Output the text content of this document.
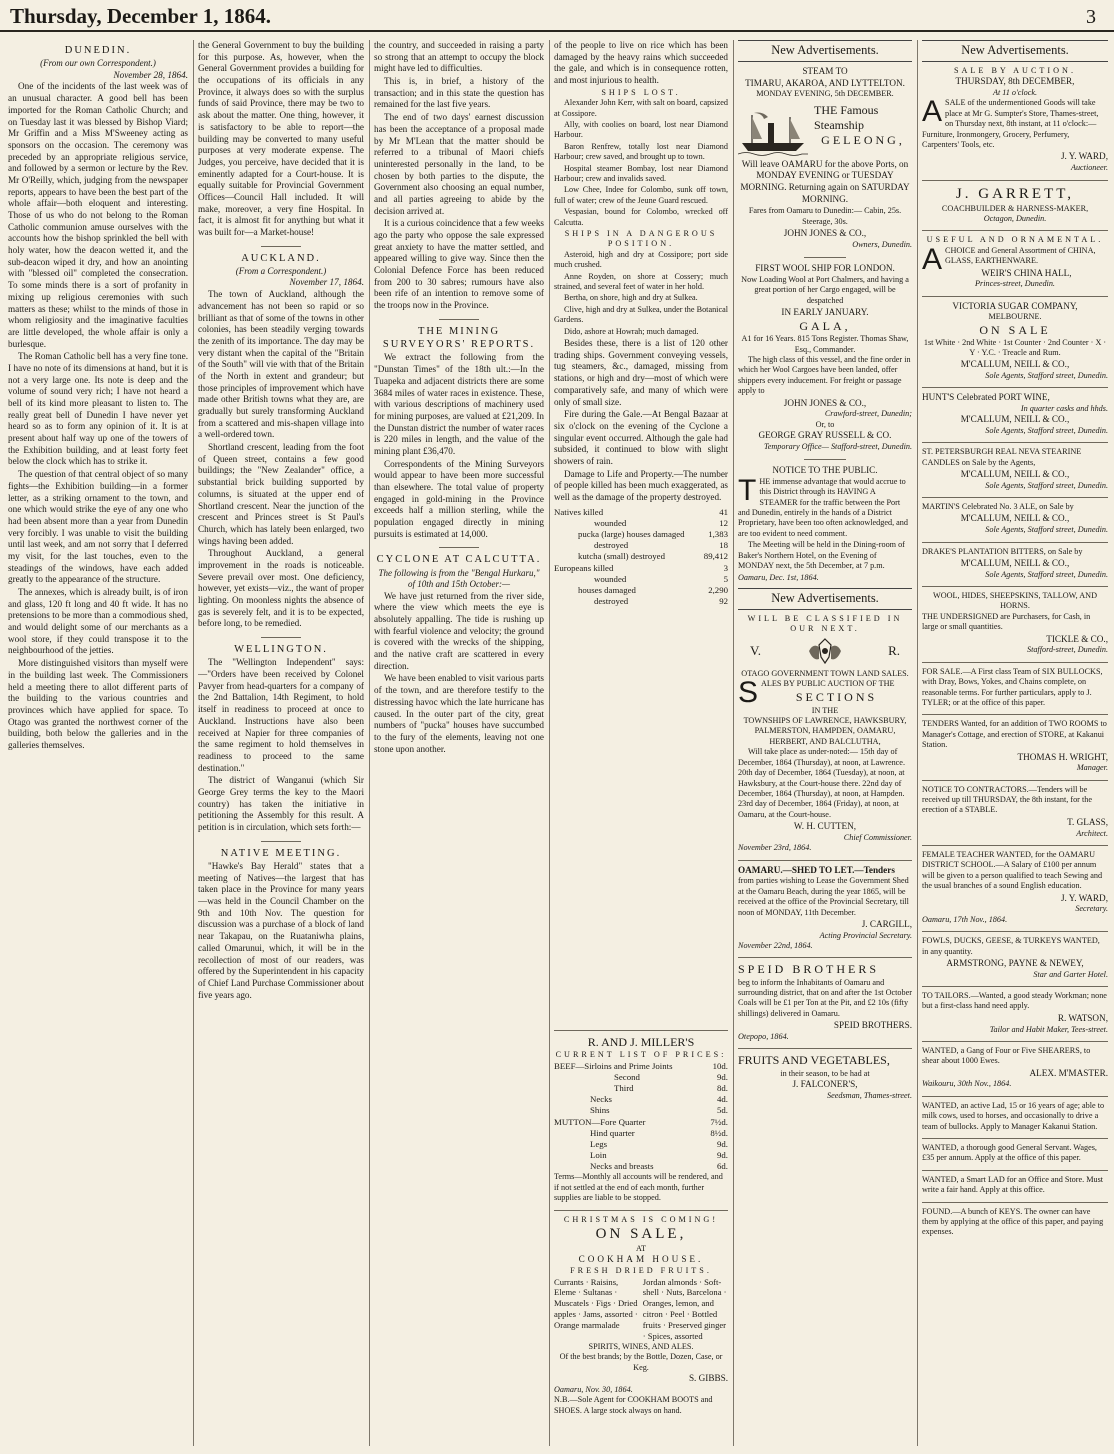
Thursday, December 1, 1864.	3
DUNEDIN.
(From our own Correspondent.)
November 28, 1864.

One of the incidents of the last week was of an unusual character. A good bell has been imported for the Roman Catholic Church; and on Tuesday last it was blessed by Bishop Viard; Mr Griffin and a Miss M'Sweeney acting as sponsors on the occasion. The ceremony was preceded by an appropriate religious service, and followed by a sermon or lecture by the Rev. Mr O'Reilly, which, judging from the newspaper reports, appears to have been the best part of the whole affair—both eloquent and interesting. Those of us who do not belong to the Roman Catholic communion amuse ourselves with the accounts how the bishop sprinkled the bell with holy water, how the deacon wetted it, and the sub-deacon wiped it dry, and how an anointing with "blessed oil" completed the consecration. To some minds there is a sort of profanity in mixing up religious ceremonies with such matters as these; whilst to the minds of those in whom religiosity and the imaginative faculties are little developed, the whole affair is only a burlesque.

The Roman Catholic bell has a very fine tone. I have no note of its dimensions at hand, but it is not a very large one. Its note is deep and the volume of sound very rich; I have not heard a bell of its kind more pleasant to listen to. The really great bell of Dunedin I have never yet heard so as to form any opinion of it. It is at present about half way up one of the towers of the Exhibition building, and at least forty feet below the clock which has to strike it.

The question of that central object of so many fights—the Exhibition building—in a former letter, as a striking ornament to the town, and one which would strike the eye of any one who had been absent more than a year from Dunedin very forcibly. I was unable to visit the building until last week, and am not sorry that I deferred my visit, for the last touches, even to the steadings of the windows, have each added greatly to the appearance of the structure.

The annexes, which is already built, is of iron and glass, 120 ft long and 40 ft wide. It has no pretensions to be more than a commodious shed, and would delight some of our merchants as a wool store, if they could transpose it to the neighbourhood of the jetties.

More distinguished visitors than myself were in the building last week. The Commissioners held a meeting there to allot different parts of the building to the various countries and provinces which have applied for space. To Otago was granted the northwest corner of the building, both below the galleries and in the galleries themselves.

the General Government to buy the building for this purpose. As, however, when the General Government provides a building for the occupations of its officials in any Province, it always does so with the surplus funds of said Province, there may be two to ask about the matter. One thing, however, it is satisfactory to be able to report—the building may be converted to many useful purposes at very moderate expense. The Judges, you perceive, have decided that it is eminently adapted for a Court-house. It is equally suitable for Provincial Government Offices—Council Hall included. It will make, moreover, a very fine Hospital. In fact, it is almost fit for anything but what it was built for—a Market-house!

AUCKLAND.
(From a Correspondent.)
November 17, 1864.

The town of Auckland, although the advancement has not been so rapid or so brilliant as that of some of the towns in other colonies, has been steadily verging towards the zenith of its importance. The day may be very distant when the capital of the "Britain of the South" will vie with that of the Britain of the North in extent and grandeur; but those principles of improvement which have made other British towns what they are, are gradually but surely transforming Auckland from a scattered and mis-shapen village into a well-ordered town.

Shortland crescent, leading from the foot of Queen street, contains a few good buildings; the "New Zealander" office, a substantial brick building supported by columns, is situated at the upper end of Shortland crescent. Near the junction of the crescent and Princes street is St Paul's Church, which has lately been enlarged, two wings having been added.

Throughout Auckland, a general improvement in the roads is noticeable. Severe prevail over most. One deficiency, however, yet exists—viz., the want of proper lighting. On moonless nights the absence of gas is severely felt, and it is to be expected, before long, to be remedied.

WELLINGTON.

The "Wellington Independent" says:—"Orders have been received by Colonel Pavyer from head-quarters for a company of the 2nd Battalion, 14th Regiment, to hold itself in readiness to proceed at once to Auckland. Instructions have also been received at Napier for three companies of the same regiment to hold themselves in readiness to proceed to the same destination."

The district of Wanganui (which Sir George Grey terms the key to the Maori country) has taken the initiative in petitioning the Assembly for this result. A petition is in circulation, which sets forth:—

NATIVE MEETING.

"Hawke's Bay Herald" states that a meeting of Natives—the largest that has taken place in the Province for many years—was held in the Council Chamber on the 9th and 10th Nov. The question for discussion was a purchase of a block of land near Takapau, on the Ruataniwha plains, called Omarunui, which, it will be in the recollection of most of our readers, was offered by the Superintendent in his capacity of Chief Land Purchase Commissioner about five years ago.

the country, and succeeded in raising a party so strong that an attempt to occupy the block might have led to difficulties.

This is, in brief, a history of the transaction; and in this state the question has remained for the last five years.

The end of two days' earnest discussion has been the acceptance of a proposal made by Mr M'Lean that the matter should be referred to a tribunal of Maori chiefs uninterested personally in the land, to be chosen by both parties to the dispute, the Government also choosing an equal number, and all parties agreeing to abide by the decision arrived at.

It is a curious coincidence that a few weeks ago the party who oppose the sale expressed great anxiety to have the matter settled, and appeared willing to give way. Since then the Colonial Defence Force has been reduced from 200 to 30 sabres; rumours have also been rife of an intention to remove some of the troops now in the Province.

THE MINING SURVEYORS' REPORTS.

We extract the following from the "Dunstan Times" of the 18th ult.:—In the Tuapeka and adjacent districts there are some 3684 miles of water races in existence. These, with various descriptions of machinery used for mining purposes, are valued at £21,209. In the Dunstan district the number of water races is 220 miles in length, and the value of the mining plant £36,470.

Correspondents of the Mining Surveyors would appear to have been more successful than elsewhere. The total value of property engaged in gold-mining in the Province exceeds half a million sterling, while the population engaged directly in mining pursuits is estimated at 14,000.

CYCLONE AT CALCUTTA.
The following is from the "Bengal Hurkaru," of 10th and 15th October:—

We have just returned from the river side, where the view which meets the eye is absolutely appalling. The tide is rushing up with fearful violence and velocity; the ground is covered with the wrecks of the shipping, and the native craft are scattered in every direction.

We have been enabled to visit various parts of the town, and are therefore testify to the distressing havoc which the late hurricane has caused. In the outer part of the city, great numbers of "pucka" houses have succumbed to the fury of the elements, leaving not one stone upon another.

of the people to live on rice which has been damaged by the heavy rains which succeeded the gale, and which is in consequence rotten, and most injurious to health.

SHIPS LOST.

Alexander John Kerr, with salt on board, capsized at Cossipore.

Ally, with coolies on board, lost near Diamond Harbour.

Baron Renfrew, totally lost near Diamond Harbour; crew saved, and brought up to town.

Hospital steamer Bombay, lost near Diamond Harbour; crew and invalids saved.

Low Chee, Indee for Colombo, sunk off town, full of water; crew of the Jeune Guard rescued.

Vespasian, bound for Colombo, wrecked off Calcutta.

SHIPS IN A DANGEROUS POSITION.

Asteroid, high and dry at Cossipore; port side much crushed.

Anne Royden, on shore at Cossery; much strained, and several feet of water in her hold.

Bertha, on shore, high and dry at Sulkea.

Clive, high and dry at Sulkea, under the Botanical Gardens.

Dido, ashore at Howrah; much damaged.

Besides these, there is a list of 120 other trading ships. Government conveying vessels, tug steamers, &c., damaged, missing from stations, or high and dry—most of which were comparatively safe, and many of which were only of small size.

Fire during the Gale.—At Bengal Bazaar at six o'clock on the evening of the Cyclone a singular event occurred. Although the gale had subsided, it continued to blow with slight showers of rain.

Damage to Life and Property.—The number of people killed has been much exaggerated, as well as the damage of the property destroyed.

Natives killed	41
wounded	12
pucka (large) houses damaged	1,383
destroyed	18
kutcha (small) destroyed	89,412
Europeans killed	3
wounded	5
houses damaged	2,290
destroyed	92
New Advertisements.
STEAM TO
TIMARU, AKAROA, AND LYTTELTON.
MONDAY EVENING, 5th DECEMBER.
THE Famous Steamship
GELEONG,

Will leave OAMARU for the above Ports, on MONDAY EVENING or TUESDAY MORNING. Returning again on SATURDAY MORNING.

Fares from Oamaru to Dunedin:— Cabin, 25s. Steerage, 30s.

JOHN JONES & CO.,
Owners, Dunedin.
FIRST WOOL SHIP FOR LONDON.

Now Loading Wool at Port Chalmers, and having a great portion of her Cargo engaged, will be despatched

IN EARLY JANUARY.
GALA,
A1 for 16 Years. 815 Tons Register. Thomas Shaw, Esq., Commander.

The high class of this vessel, and the fine order in which her Wool Cargoes have been landed, offer shippers every inducement. For freight or passage apply to

JOHN JONES & CO.,
Crawford-street, Dunedin;
Or, to
GEORGE GRAY RUSSELL & CO.
Temporary Office— Stafford-street, Dunedin.
NOTICE TO THE PUBLIC.

THE immense advantage that would accrue to this District through its HAVING A STEAMER for the traffic between the Port and Dunedin, entirely in the hands of a District Proprietary, have been too often acknowledged, and are too evident to need comment.

The Meeting will be held in the Dining-room of Baker's Northern Hotel, on the Evening of MONDAY next, the 5th December, at 7 p.m.

Oamaru, Dec. 1st, 1864.
New Advertisements.
WILL BE CLASSIFIED IN OUR NEXT.
V.	R.
OTAGO GOVERNMENT TOWN LAND SALES.

SALES BY PUBLIC AUCTION OF THE

SECTIONS
IN THE
TOWNSHIPS OF LAWRENCE, HAWKSBURY, PALMERSTON, HAMPDEN, OAMARU, HERBERT, AND BALCLUTHA,

Will take place as under-noted:— 15th day of December, 1864 (Thursday), at noon, at Lawrence. 20th day of December, 1864 (Tuesday), at noon, at Hawksbury, at the Court-house there. 22nd day of December, 1864 (Thursday), at noon, at Hampden. 23rd day of December, 1864 (Friday), at noon, at Oamaru, at the Court-house.

W. H. CUTTEN,
Chief Commissioner.
November 23rd, 1864.
OAMARU.—SHED TO LET.—Tenders

from parties wishing to Lease the Government Shed at the Oamaru Beach, during the year 1865, will be received at the office of the Provincial Secretary, till noon of MONDAY, 11th December.

J. CARGILL,
Acting Provincial Secretary.
November 22nd, 1864.
SPEID BROTHERS

beg to inform the Inhabitants of Oamaru and surrounding district, that on and after the 1st October Coals will be £1 per Ton at the Pit, and £2 10s (fifty shillings) delivered in Oamaru.

SPEID BROTHERS.
Otepopo, 1864.
FRUITS AND VEGETABLES,
in their season, to be had at
J. FALCONER'S,
Seedsman, Thames-street.
New Advertisements.
SALE BY AUCTION.
THURSDAY, 8th DECEMBER,
At 11 o'clock.

ASALE of the undermentioned Goods will take place at Mr G. Sumpter's Store, Thames-street, on Thursday next, 8th instant, at 11 o'clock:— Furniture, Ironmongery, Grocery, Perfumery, Carpenters' Tools, etc.

J. Y. WARD,
Auctioneer.
J. GARRETT,
COACHBUILDER & HARNESS-MAKER,
Octagon, Dunedin.
USEFUL AND ORNAMENTAL.

ACHOICE and General Assortment of CHINA, GLASS, EARTHENWARE.

WEIR'S CHINA HALL,
Princes-street, Dunedin.
VICTORIA SUGAR COMPANY,
MELBOURNE.
ON SALE
1st White · 2nd White · 1st Counter · 2nd Counter · X · Y · Y.C. · Treacle and Rum.
M'CALLUM, NEILL & CO.,
Sole Agents, Stafford street, Dunedin.
HUNT'S Celebrated PORT WINE,
In quarter casks and hhds.
M'CALLUM, NEILL & CO.,
Sole Agents, Stafford street, Dunedin.

ST. PETERSBURGH REAL NEVA STEARINE CANDLES on Sale by the Agents,

M'CALLUM, NEILL & CO.,
Sole Agents, Stafford street, Dunedin.

MARTIN'S Celebrated No. 3 ALE, on Sale by

M'CALLUM, NEILL & CO.,
Sole Agents, Stafford street, Dunedin.

DRAKE'S PLANTATION BITTERS, on Sale by

M'CALLUM, NEILL & CO.,
Sole Agents, Stafford street, Dunedin.
WOOL, HIDES, SHEEPSKINS, TALLOW, AND HORNS.

THE UNDERSIGNED are Purchasers, for Cash, in large or small quantities.

TICKLE & CO.,
Stafford-street, Dunedin.

FOR SALE.—A First class Team of SIX BULLOCKS, with Dray, Bows, Yokes, and Chains complete, on reasonable terms. For further particulars, apply to J. TYLER; or at the office of this paper.

TENDERS Wanted, for an addition of TWO ROOMS to Manager's Cottage, and erection of STORE, at Kakanui Station.

THOMAS H. WRIGHT,
Manager.

NOTICE TO CONTRACTORS.—Tenders will be received up till THURSDAY, the 8th instant, for the erection of a STABLE.

T. GLASS,
Architect.

FEMALE TEACHER WANTED, for the OAMARU DISTRICT SCHOOL.—A Salary of £100 per annum will be given to a person qualified to teach Sewing and the usual branches of a sound English education.

J. Y. WARD,
Secretary.
Oamaru, 17th Nov., 1864.

FOWLS, DUCKS, GEESE, & TURKEYS WANTED, in any quantity.

ARMSTRONG, PAYNE & NEWEY,
Star and Garter Hotel.

TO TAILORS.—Wanted, a good steady Workman; none but a first-class hand need apply.

R. WATSON,
Tailor and Habit Maker, Tees-street.

WANTED, a Gang of Four or Five SHEARERS, to shear about 1000 Ewes.

ALEX. M'MASTER.
Waikouru, 30th Nov., 1864.

WANTED, an active Lad, 15 or 16 years of age; able to milk cows, used to horses, and occasionally to drive a team of bullocks. Apply to Manager Kakanui Station.

WANTED, a thorough good General Servant. Wages, £35 per annum. Apply at the office of this paper.

WANTED, a Smart LAD for an Office and Store. Must write a fair hand. Apply at this office.

FOUND.—A bunch of KEYS. The owner can have them by applying at the office of this paper, and paying expenses.

R. AND J. MILLER'S
CURRENT LIST OF PRICES:
BEEF—Sirloins and Prime Joints	10d.
Second	9d.
Third	8d.
Necks	4d.
Shins	5d.
MUTTON—Fore Quarter	7½d.
Hind quarter	8½d.
Legs	9d.
Loin	9d.
Necks and breasts	6d.

Terms—Monthly all accounts will be rendered, and if not settled at the end of each month, further supplies are liable to be stopped.

CHRISTMAS IS COMING!
ON SALE,
AT
COOKHAM HOUSE.
FRESH DRIED FRUITS.
Currants · Raisins, Eleme · Sultanas · Muscatels · Figs · Dried apples · Jams, assorted · Orange marmalade
Jordan almonds · Soft-shell · Nuts, Barcelona · Oranges, lemon, and citron · Peel · Bottled fruits · Preserved ginger · Spices, assorted
SPIRITS, WINES, AND ALES.
Of the best brands; by the Bottle, Dozen, Case, or Keg.
S. GIBBS.
Oamaru, Nov. 30, 1864.

N.B.—Sole Agent for COOKHAM BOOTS and SHOES. A large stock always on hand.
